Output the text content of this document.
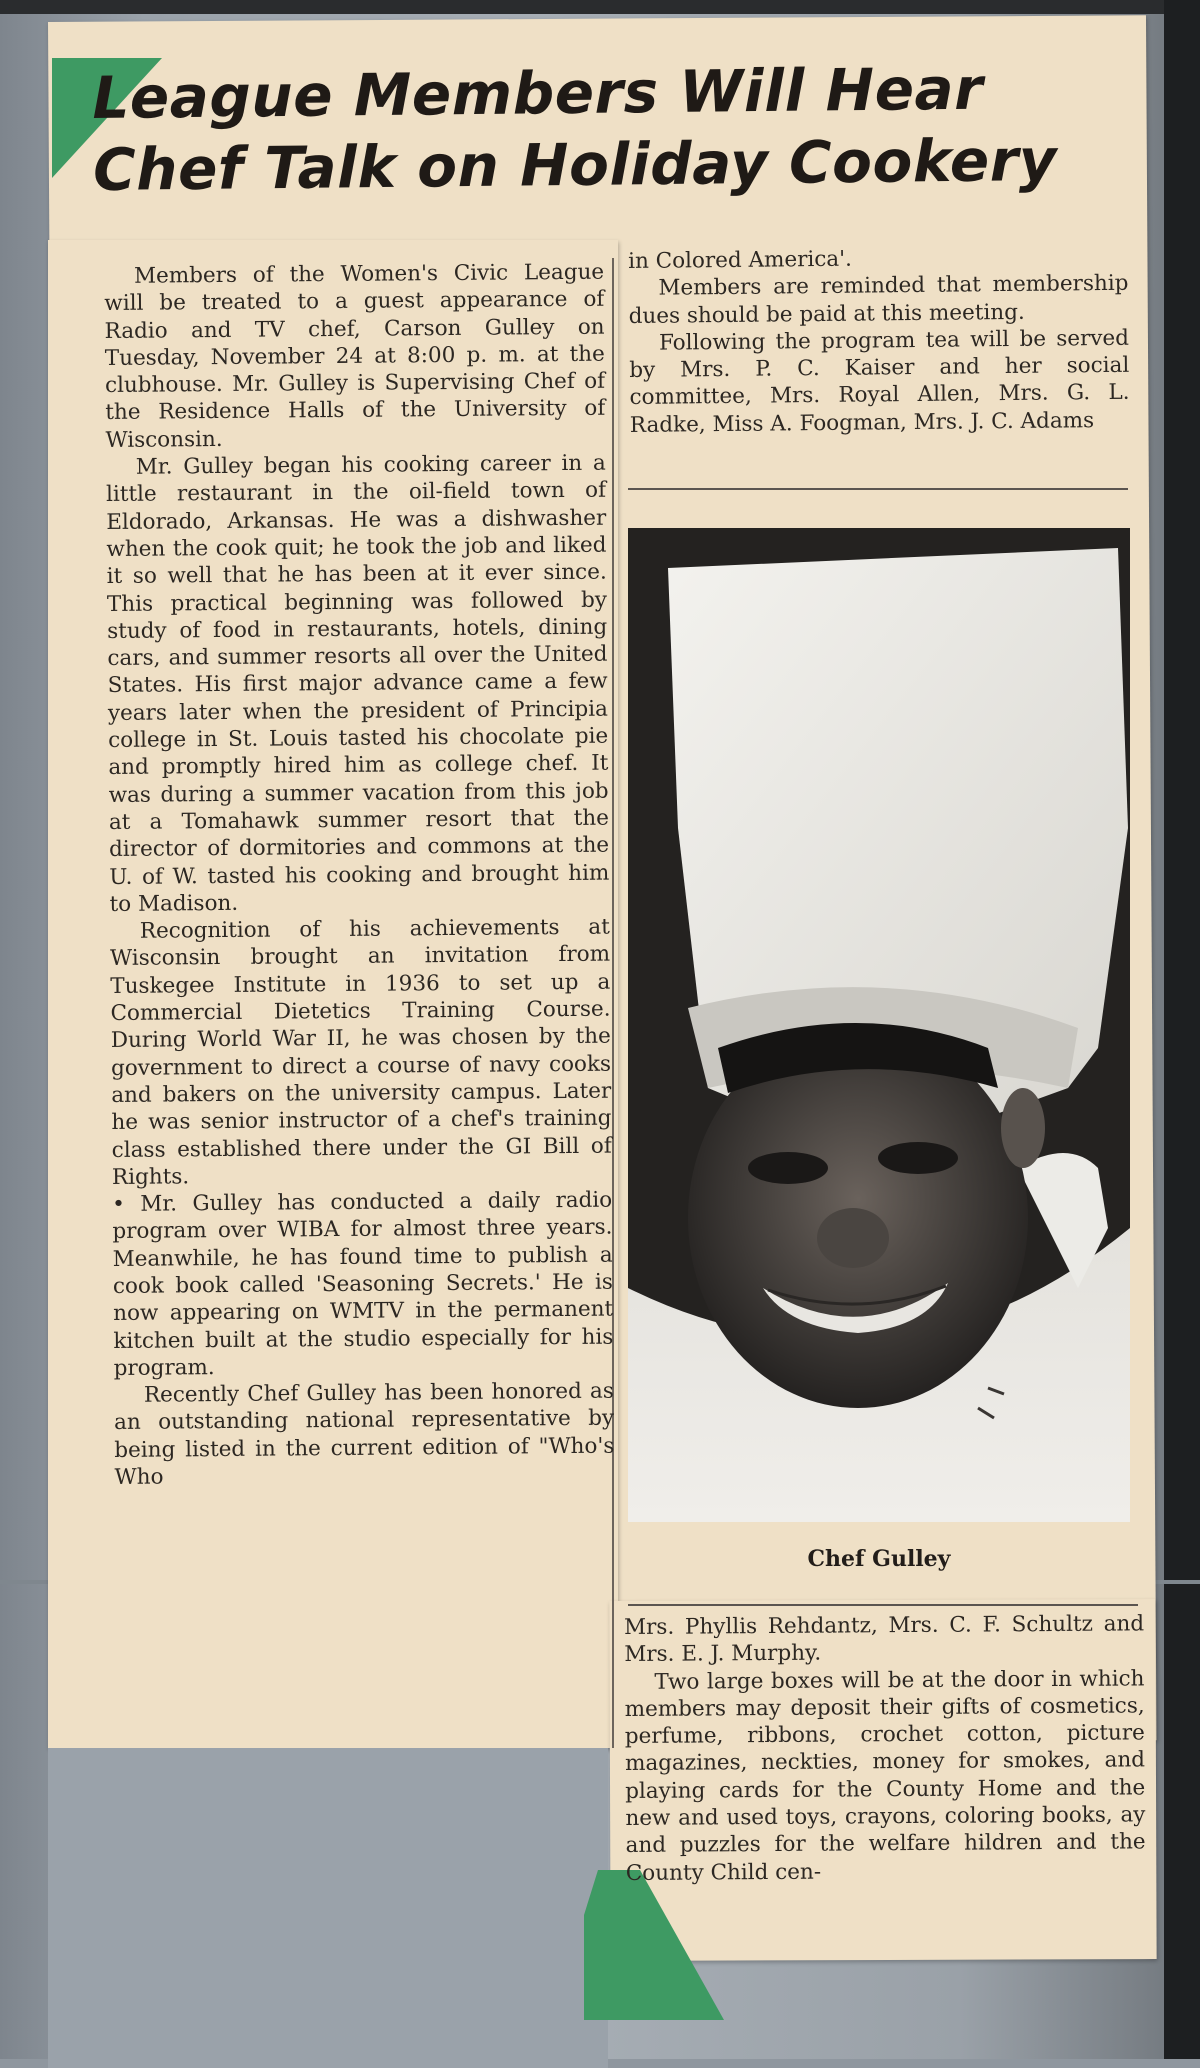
League Members Will Hear
Chef Talk on Holiday Cookery

Members of the Women's Civic League will be treated to a guest appearance of Radio and TV chef, Carson Gulley on Tuesday, November 24 at 8:00 p. m. at the clubhouse. Mr. Gulley is Supervising Chef of the Residence Halls of the University of Wisconsin.

Mr. Gulley began his cooking career in a little restaurant in the oil-field town of Eldorado, Arkansas. He was a dishwasher when the cook quit; he took the job and liked it so well that he has been at it ever since. This practical beginning was followed by study of food in restaurants, hotels, dining cars, and summer resorts all over the United States. His first major advance came a few years later when the president of Principia college in St. Louis tasted his chocolate pie and promptly hired him as college chef. It was during a summer vacation from this job at a Tomahawk summer resort that the director of dormitories and commons at the U. of W. tasted his cooking and brought him to Madison.

Recognition of his achievements at Wisconsin brought an invitation from Tuskegee Institute in 1936 to set up a Commercial Dietetics Training Course. During World War II, he was chosen by the government to direct a course of navy cooks and bakers on the university campus. Later he was senior instructor of a chef's training class established there under the GI Bill of Rights.

• Mr. Gulley has conducted a daily radio program over WIBA for almost three years. Meanwhile, he has found time to publish a cook book called 'Seasoning Secrets.' He is now appearing on WMTV in the permanent kitchen built at the studio especially for his program.

Recently Chef Gulley has been honored as an outstanding national representative by being listed in the current edition of "Who's Who

in Colored America'.

Members are reminded that membership dues should be paid at this meeting.

Following the program tea will be served by Mrs. P. C. Kaiser and her social committee, Mrs. Royal Allen, Mrs. G. L. Radke, Miss A. Foogman, Mrs. J. C. Adams

Chef Gulley

Mrs. Phyllis Rehdantz, Mrs. C. F. Schultz and Mrs. E. J. Murphy.

Two large boxes will be at the door in which members may deposit their gifts of cosmetics, perfume, ribbons, crochet cotton, picture magazines, neckties, money for smokes, and playing cards for the County Home and the new and used toys, crayons, coloring books, ay and puzzles for the welfare hildren and the County Child cen-
